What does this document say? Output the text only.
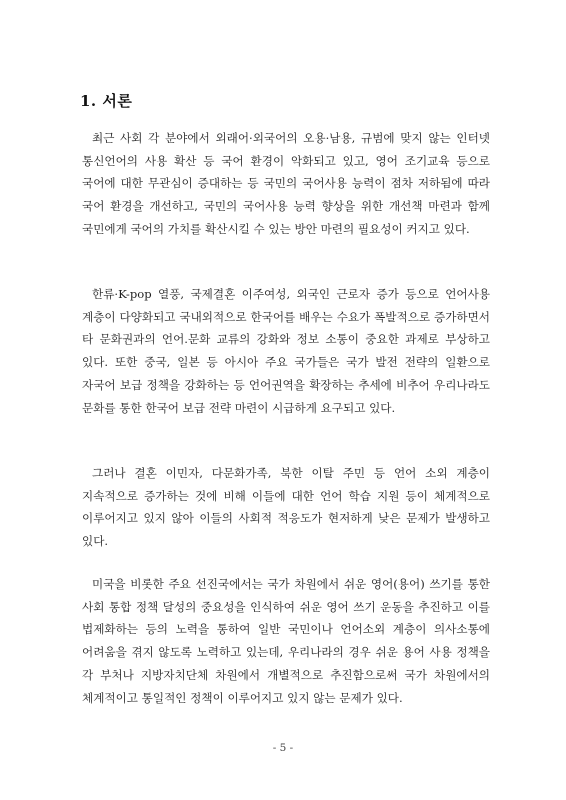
1. 서론

최근 사회 각 분야에서 외래어·외국어의 오용·남용, 규범에 맞지 않는 인터넷 통신언어의 사용 확산 등 국어 환경이 악화되고 있고, 영어 조기교육 등으로 국어에 대한 무관심이 증대하는 등 국민의 국어사용 능력이 점차 저하됨에 따라 국어 환경을 개선하고, 국민의 국어사용 능력 향상을 위한 개선책 마련과 함께 국민에게 국어의 가치를 확산시킬 수 있는 방안 마련의 필요성이 커지고 있다.

한류·K-pop 열풍, 국제결혼 이주여성, 외국인 근로자 증가 등으로 언어사용 계층이 다양화되고 국내외적으로 한국어를 배우는 수요가 폭발적으로 증가하면서 타 문화권과의 언어.문화 교류의 강화와 정보 소통이 중요한 과제로 부상하고 있다. 또한 중국, 일본 등 아시아 주요 국가들은 국가 발전 전략의 일환으로 자국어 보급 정책을 강화하는 등 언어권역을 확장하는 추세에 비추어 우리나라도 문화를 통한 한국어 보급 전략 마련이 시급하게 요구되고 있다.

그러나 결혼 이민자, 다문화가족, 북한 이탈 주민 등 언어 소외 계층이 지속적으로 증가하는 것에 비해 이들에 대한 언어 학습 지원 등이 체계적으로 이루어지고 있지 않아 이들의 사회적 적응도가 현저하게 낮은 문제가 발생하고 있다.

미국을 비롯한 주요 선진국에서는 국가 차원에서 쉬운 영어(용어) 쓰기를 통한 사회 통합 정책 달성의 중요성을 인식하여 쉬운 영어 쓰기 운동을 추진하고 이를 법제화하는 등의 노력을 통하여 일반 국민이나 언어소외 계층이 의사소통에 어려움을 겪지 않도록 노력하고 있는데, 우리나라의 경우 쉬운 용어 사용 정책을 각 부처나 지방자치단체 차원에서 개별적으로 추진함으로써 국가 차원에서의 체계적이고 통일적인 정책이 이루어지고 있지 않는 문제가 있다.

- 5 -
